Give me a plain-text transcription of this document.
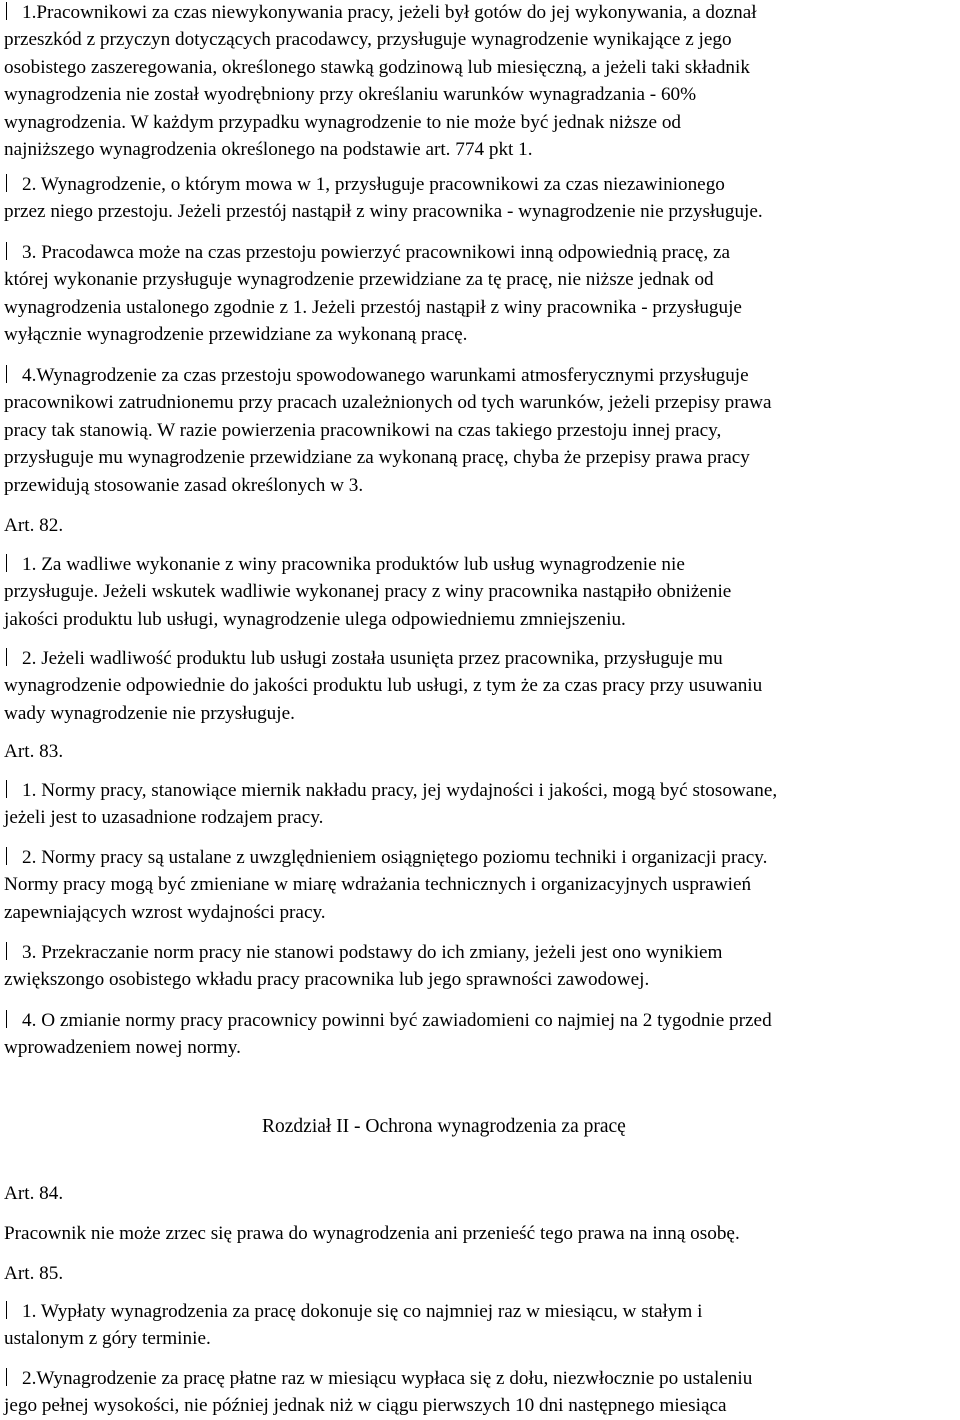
1.Pracownikowi za czas niewykonywania pracy, jeżeli był gotów do jej wykonywania, a doznał
przeszkód z przyczyn dotyczących pracodawcy, przysługuje wynagrodzenie wynikające z jego
osobistego zaszeregowania, określonego stawką godzinową lub miesięczną, a jeżeli taki składnik
wynagrodzenia nie został wyodrębniony przy określaniu warunków wynagradzania - 60%
wynagrodzenia. W każdym przypadku wynagrodzenie to nie może być jednak niższe od
najniższego wynagrodzenia określonego na podstawie art. 774 pkt 1.
2. Wynagrodzenie, o którym mowa w 1, przysługuje pracownikowi za czas niezawinionego
przez niego przestoju. Jeżeli przestój nastąpił z winy pracownika - wynagrodzenie nie przysługuje.
3. Pracodawca może na czas przestoju powierzyć pracownikowi inną odpowiednią pracę, za
której wykonanie przysługuje wynagrodzenie przewidziane za tę pracę, nie niższe jednak od
wynagrodzenia ustalonego zgodnie z 1. Jeżeli przestój nastąpił z winy pracownika - przysługuje
wyłącznie wynagrodzenie przewidziane za wykonaną pracę.
4.Wynagrodzenie za czas przestoju spowodowanego warunkami atmosferycznymi przysługuje
pracownikowi zatrudnionemu przy pracach uzależnionych od tych warunków, jeżeli przepisy prawa
pracy tak stanowią. W razie powierzenia pracownikowi na czas takiego przestoju innej pracy,
przysługuje mu wynagrodzenie przewidziane za wykonaną pracę, chyba że przepisy prawa pracy
przewidują stosowanie zasad określonych w 3.
Art. 82.
1. Za wadliwe wykonanie z winy pracownika produktów lub usług wynagrodzenie nie
przysługuje. Jeżeli wskutek wadliwie wykonanej pracy z winy pracownika nastąpiło obniżenie
jakości produktu lub usługi, wynagrodzenie ulega odpowiedniemu zmniejszeniu.
2. Jeżeli wadliwość produktu lub usługi została usunięta przez pracownika, przysługuje mu
wynagrodzenie odpowiednie do jakości produktu lub usługi, z tym że za czas pracy przy usuwaniu
wady wynagrodzenie nie przysługuje.
Art. 83.
1. Normy pracy, stanowiące miernik nakładu pracy, jej wydajności i jakości, mogą być stosowane,
jeżeli jest to uzasadnione rodzajem pracy.
2. Normy pracy są ustalane z uwzględnieniem osiągniętego poziomu techniki i organizacji pracy.
Normy pracy mogą być zmieniane w miarę wdrażania technicznych i organizacyjnych usprawień
zapewniających wzrost wydajności pracy.
3. Przekraczanie norm pracy nie stanowi podstawy do ich zmiany, jeżeli jest ono wynikiem
zwiększongo osobistego wkładu pracy pracownika lub jego sprawności zawodowej.
4. O zmianie normy pracy pracownicy powinni być zawiadomieni co najmiej na 2 tygodnie przed
wprowadzeniem nowej normy.
Rozdział II - Ochrona wynagrodzenia za pracę
Art. 84.
Pracownik nie może zrzec się prawa do wynagrodzenia ani przenieść tego prawa na inną osobę.
Art. 85.
1. Wypłaty wynagrodzenia za pracę dokonuje się co najmniej raz w miesiącu, w stałym i
ustalonym z góry terminie.
2.Wynagrodzenie za pracę płatne raz w miesiącu wypłaca się z dołu, niezwłocznie po ustaleniu
jego pełnej wysokości, nie później jednak niż w ciągu pierwszych 10 dni następnego miesiąca
